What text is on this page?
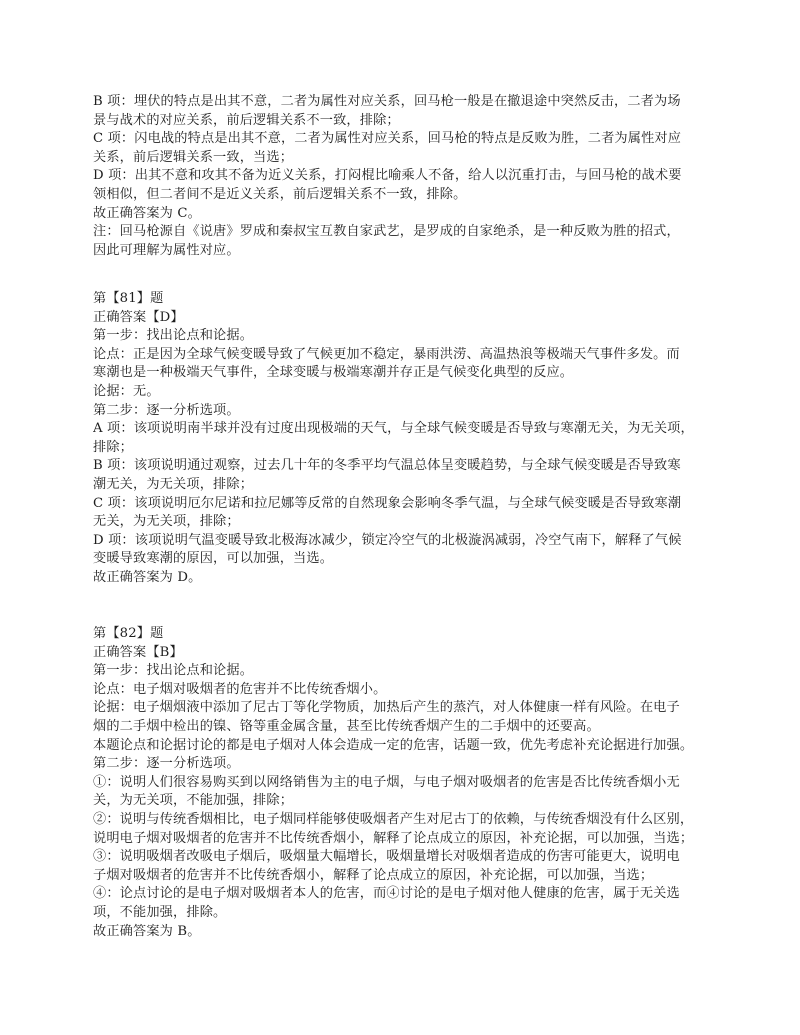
B 项：埋伏的特点是出其不意，二者为属性对应关系，回马枪一般是在撤退途中突然反击，二者为场
景与战术的对应关系，前后逻辑关系不一致，排除；
C 项：闪电战的特点是出其不意，二者为属性对应关系，回马枪的特点是反败为胜，二者为属性对应
关系，前后逻辑关系一致，当选；
D 项：出其不意和攻其不备为近义关系，打闷棍比喻乘人不备，给人以沉重打击，与回马枪的战术要
领相似，但二者间不是近义关系，前后逻辑关系不一致，排除。
故正确答案为 C。
注：回马枪源自《说唐》罗成和秦叔宝互教自家武艺，是罗成的自家绝杀，是一种反败为胜的招式，
因此可理解为属性对应。
第【81】题
正确答案【D】
第一步：找出论点和论据。
论点：正是因为全球气候变暖导致了气候更加不稳定，暴雨洪涝、高温热浪等极端天气事件多发。而
寒潮也是一种极端天气事件，全球变暖与极端寒潮并存正是气候变化典型的反应。
论据：无。
第二步：逐一分析选项。
A 项：该项说明南半球并没有过度出现极端的天气，与全球气候变暖是否导致与寒潮无关，为无关项，
排除；
B 项：该项说明通过观察，过去几十年的冬季平均气温总体呈变暖趋势，与全球气候变暖是否导致寒
潮无关，为无关项，排除；
C 项：该项说明厄尔尼诺和拉尼娜等反常的自然现象会影响冬季气温，与全球气候变暖是否导致寒潮
无关，为无关项，排除；
D 项：该项说明气温变暖导致北极海冰减少，锁定冷空气的北极漩涡减弱，冷空气南下，解释了气候
变暖导致寒潮的原因，可以加强，当选。
故正确答案为 D。
第【82】题
正确答案【B】
第一步：找出论点和论据。
论点：电子烟对吸烟者的危害并不比传统香烟小。
论据：电子烟烟液中添加了尼古丁等化学物质，加热后产生的蒸汽，对人体健康一样有风险。在电子
烟的二手烟中检出的镍、铬等重金属含量，甚至比传统香烟产生的二手烟中的还要高。
本题论点和论据讨论的都是电子烟对人体会造成一定的危害，话题一致，优先考虑补充论据进行加强。
第二步：逐一分析选项。
①：说明人们很容易购买到以网络销售为主的电子烟，与电子烟对吸烟者的危害是否比传统香烟小无
关，为无关项，不能加强，排除；
②：说明与传统香烟相比，电子烟同样能够使吸烟者产生对尼古丁的依赖，与传统香烟没有什么区别，
说明电子烟对吸烟者的危害并不比传统香烟小，解释了论点成立的原因，补充论据，可以加强，当选；
③：说明吸烟者改吸电子烟后，吸烟量大幅增长，吸烟量增长对吸烟者造成的伤害可能更大，说明电
子烟对吸烟者的危害并不比传统香烟小，解释了论点成立的原因，补充论据，可以加强，当选；
④：论点讨论的是电子烟对吸烟者本人的危害，而④讨论的是电子烟对他人健康的危害，属于无关选
项，不能加强，排除。
故正确答案为 B。
